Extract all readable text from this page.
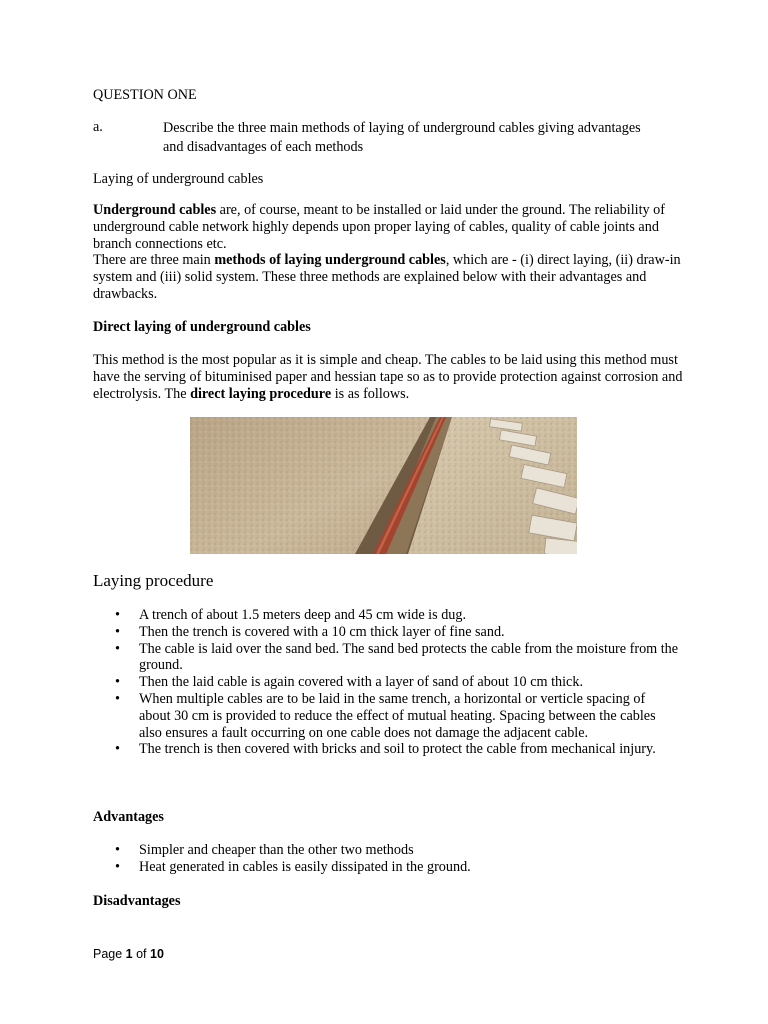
QUESTION ONE

a.	Describe the three main methods of laying of underground cables giving advantages and disadvantages of each methods

Laying of underground cables

Underground cables are, of course, meant to be installed or laid under the ground. The reliability of underground cable network highly depends upon proper laying of cables, quality of cable joints and branch connections etc.

There are three main methods of laying underground cables, which are - (i) direct laying, (ii) draw-in system and (iii) solid system. These three methods are explained below with their advantages and drawbacks.

Direct laying of underground cables

This method is the most popular as it is simple and cheap. The cables to be laid using this method must have the serving of bituminised paper and hessian tape so as to provide protection against corrosion and electrolysis. The direct laying procedure is as follows.

Laying procedure

• A trench of about 1.5 meters deep and 45 cm wide is dug.
• Then the trench is covered with a 10 cm thick layer of fine sand.
• The cable is laid over the sand bed. The sand bed protects the cable from the moisture from the ground.
• Then the laid cable is again covered with a layer of sand of about 10 cm thick.
• When multiple cables are to be laid in the same trench, a horizontal or verticle spacing of about 30 cm is provided to reduce the effect of mutual heating. Spacing between the cables also ensures a fault occurring on one cable does not damage the adjacent cable.
• The trench is then covered with bricks and soil to protect the cable from mechanical injury.

Advantages

• Simpler and cheaper than the other two methods
• Heat generated in cables is easily dissipated in the ground.

Disadvantages

Page 1 of 10
